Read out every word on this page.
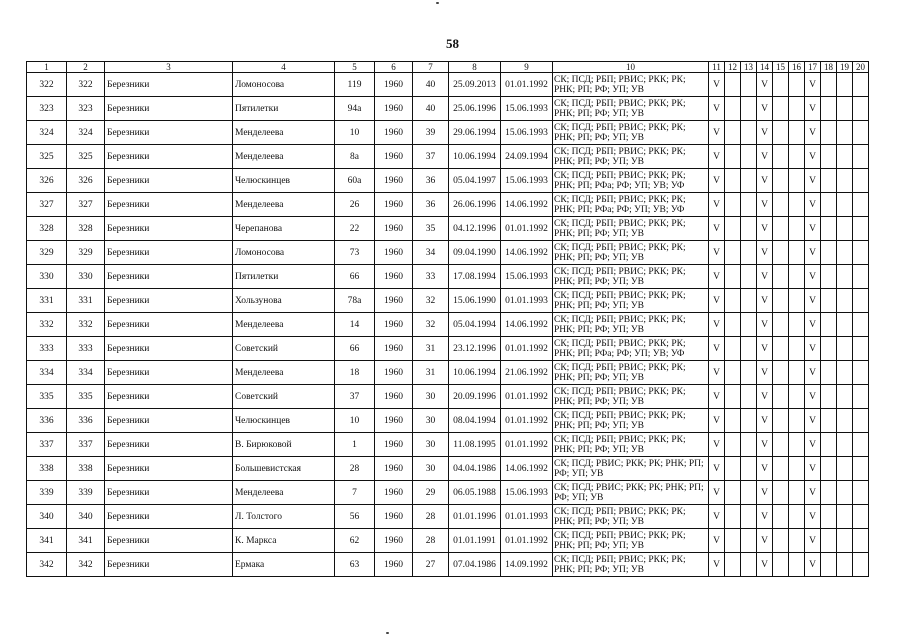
58
1	2	3	4	5	6	7	8	9	10	11	12	13	14	15	16	17	18	19	20
322	322	Березники	Ломоносова	119	1960	40	25.09.2013	01.01.1992	СК; ПСД; РБП; РВИС; РКК; РК; РНК; РП; РФ; УП; УВ	V			V			V			
323	323	Березники	Пятилетки	94а	1960	40	25.06.1996	15.06.1993	СК; ПСД; РБП; РВИС; РКК; РК; РНК; РП; РФ; УП; УВ	V			V			V			
324	324	Березники	Менделеева	10	1960	39	29.06.1994	15.06.1993	СК; ПСД; РБП; РВИС; РКК; РК; РНК; РП; РФ; УП; УВ	V			V			V			
325	325	Березники	Менделеева	8а	1960	37	10.06.1994	24.09.1994	СК; ПСД; РБП; РВИС; РКК; РК; РНК; РП; РФ; УП; УВ	V			V			V			
326	326	Березники	Челюскинцев	60а	1960	36	05.04.1997	15.06.1993	СК; ПСД; РБП; РВИС; РКК; РК; РНК; РП; РФа; РФ; УП; УВ; УФ	V			V			V			
327	327	Березники	Менделеева	26	1960	36	26.06.1996	14.06.1992	СК; ПСД; РБП; РВИС; РКК; РК; РНК; РП; РФа; РФ; УП; УВ; УФ	V			V			V			
328	328	Березники	Черепанова	22	1960	35	04.12.1996	01.01.1992	СК; ПСД; РБП; РВИС; РКК; РК; РНК; РП; РФ; УП; УВ	V			V			V			
329	329	Березники	Ломоносова	73	1960	34	09.04.1990	14.06.1992	СК; ПСД; РБП; РВИС; РКК; РК; РНК; РП; РФ; УП; УВ	V			V			V			
330	330	Березники	Пятилетки	66	1960	33	17.08.1994	15.06.1993	СК; ПСД; РБП; РВИС; РКК; РК; РНК; РП; РФ; УП; УВ	V			V			V			
331	331	Березники	Хользунова	78а	1960	32	15.06.1990	01.01.1993	СК; ПСД; РБП; РВИС; РКК; РК; РНК; РП; РФ; УП; УВ	V			V			V			
332	332	Березники	Менделеева	14	1960	32	05.04.1994	14.06.1992	СК; ПСД; РБП; РВИС; РКК; РК; РНК; РП; РФ; УП; УВ	V			V			V			
333	333	Березники	Советский	66	1960	31	23.12.1996	01.01.1992	СК; ПСД; РБП; РВИС; РКК; РК; РНК; РП; РФа; РФ; УП; УВ; УФ	V			V			V			
334	334	Березники	Менделеева	18	1960	31	10.06.1994	21.06.1992	СК; ПСД; РБП; РВИС; РКК; РК; РНК; РП; РФ; УП; УВ	V			V			V			
335	335	Березники	Советский	37	1960	30	20.09.1996	01.01.1992	СК; ПСД; РБП; РВИС; РКК; РК; РНК; РП; РФ; УП; УВ	V			V			V			
336	336	Березники	Челюскинцев	10	1960	30	08.04.1994	01.01.1992	СК; ПСД; РБП; РВИС; РКК; РК; РНК; РП; РФ; УП; УВ	V			V			V			
337	337	Березники	В. Бирюковой	1	1960	30	11.08.1995	01.01.1992	СК; ПСД; РБП; РВИС; РКК; РК; РНК; РП; РФ; УП; УВ	V			V			V			
338	338	Березники	Большевистская	28	1960	30	04.04.1986	14.06.1992	СК; ПСД; РВИС; РКК; РК; РНК; РП; РФ; УП; УВ	V			V			V			
339	339	Березники	Менделеева	7	1960	29	06.05.1988	15.06.1993	СК; ПСД; РВИС; РКК; РК; РНК; РП; РФ; УП; УВ	V			V			V			
340	340	Березники	Л. Толстого	56	1960	28	01.01.1996	01.01.1993	СК; ПСД; РБП; РВИС; РКК; РК; РНК; РП; РФ; УП; УВ	V			V			V			
341	341	Березники	К. Маркса	62	1960	28	01.01.1991	01.01.1992	СК; ПСД; РБП; РВИС; РКК; РК; РНК; РП; РФ; УП; УВ	V			V			V			
342	342	Березники	Ермака	63	1960	27	07.04.1986	14.09.1992	СК; ПСД; РБП; РВИС; РКК; РК; РНК; РП; РФ; УП; УВ	V			V			V			
